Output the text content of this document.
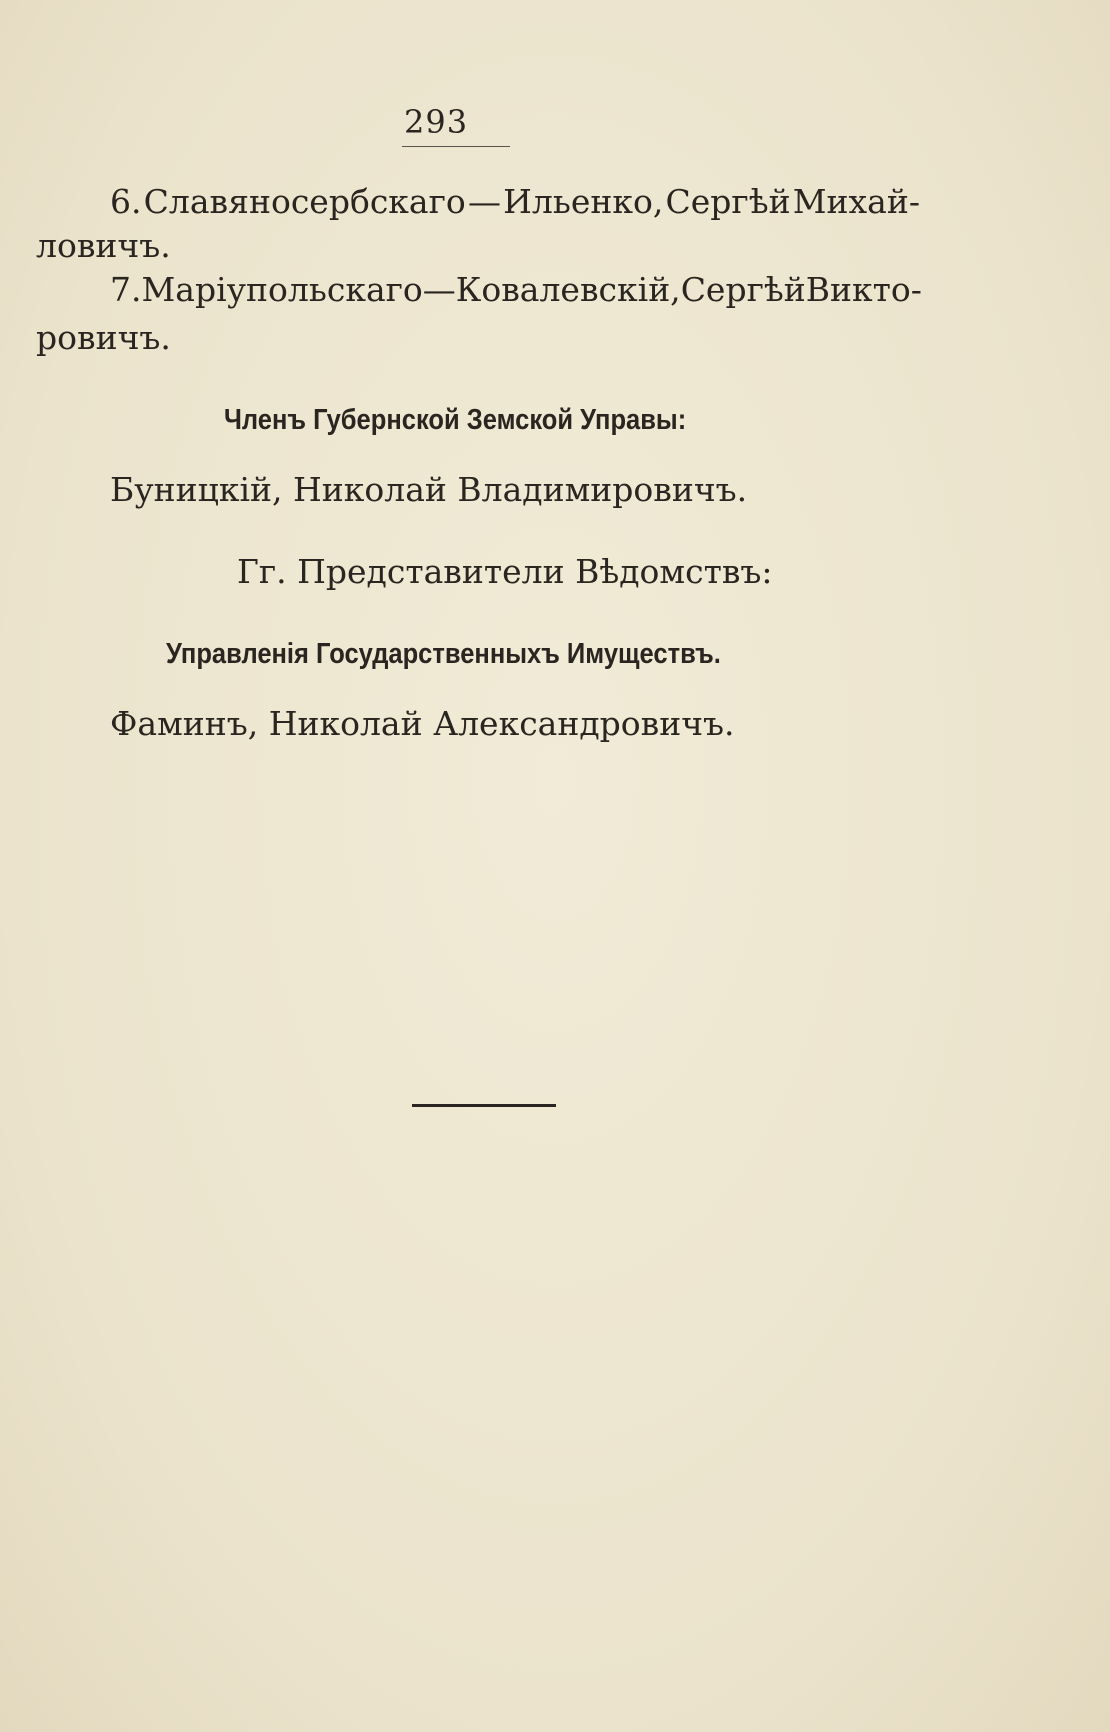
293
6. Славяносербскаго — Ильенко, Сергѣй Михай-
ловичъ.
7. Маріупольскаго — Ковалевскій, Сергѣй Викто-
ровичъ.
Членъ Губернской Земской Управы:
Буницкій, Николай Владимировичъ.
Гг. Представители Вѣдомствъ:
Управленія Государственныхъ Имуществъ.
Фаминъ, Николай Александровичъ.
